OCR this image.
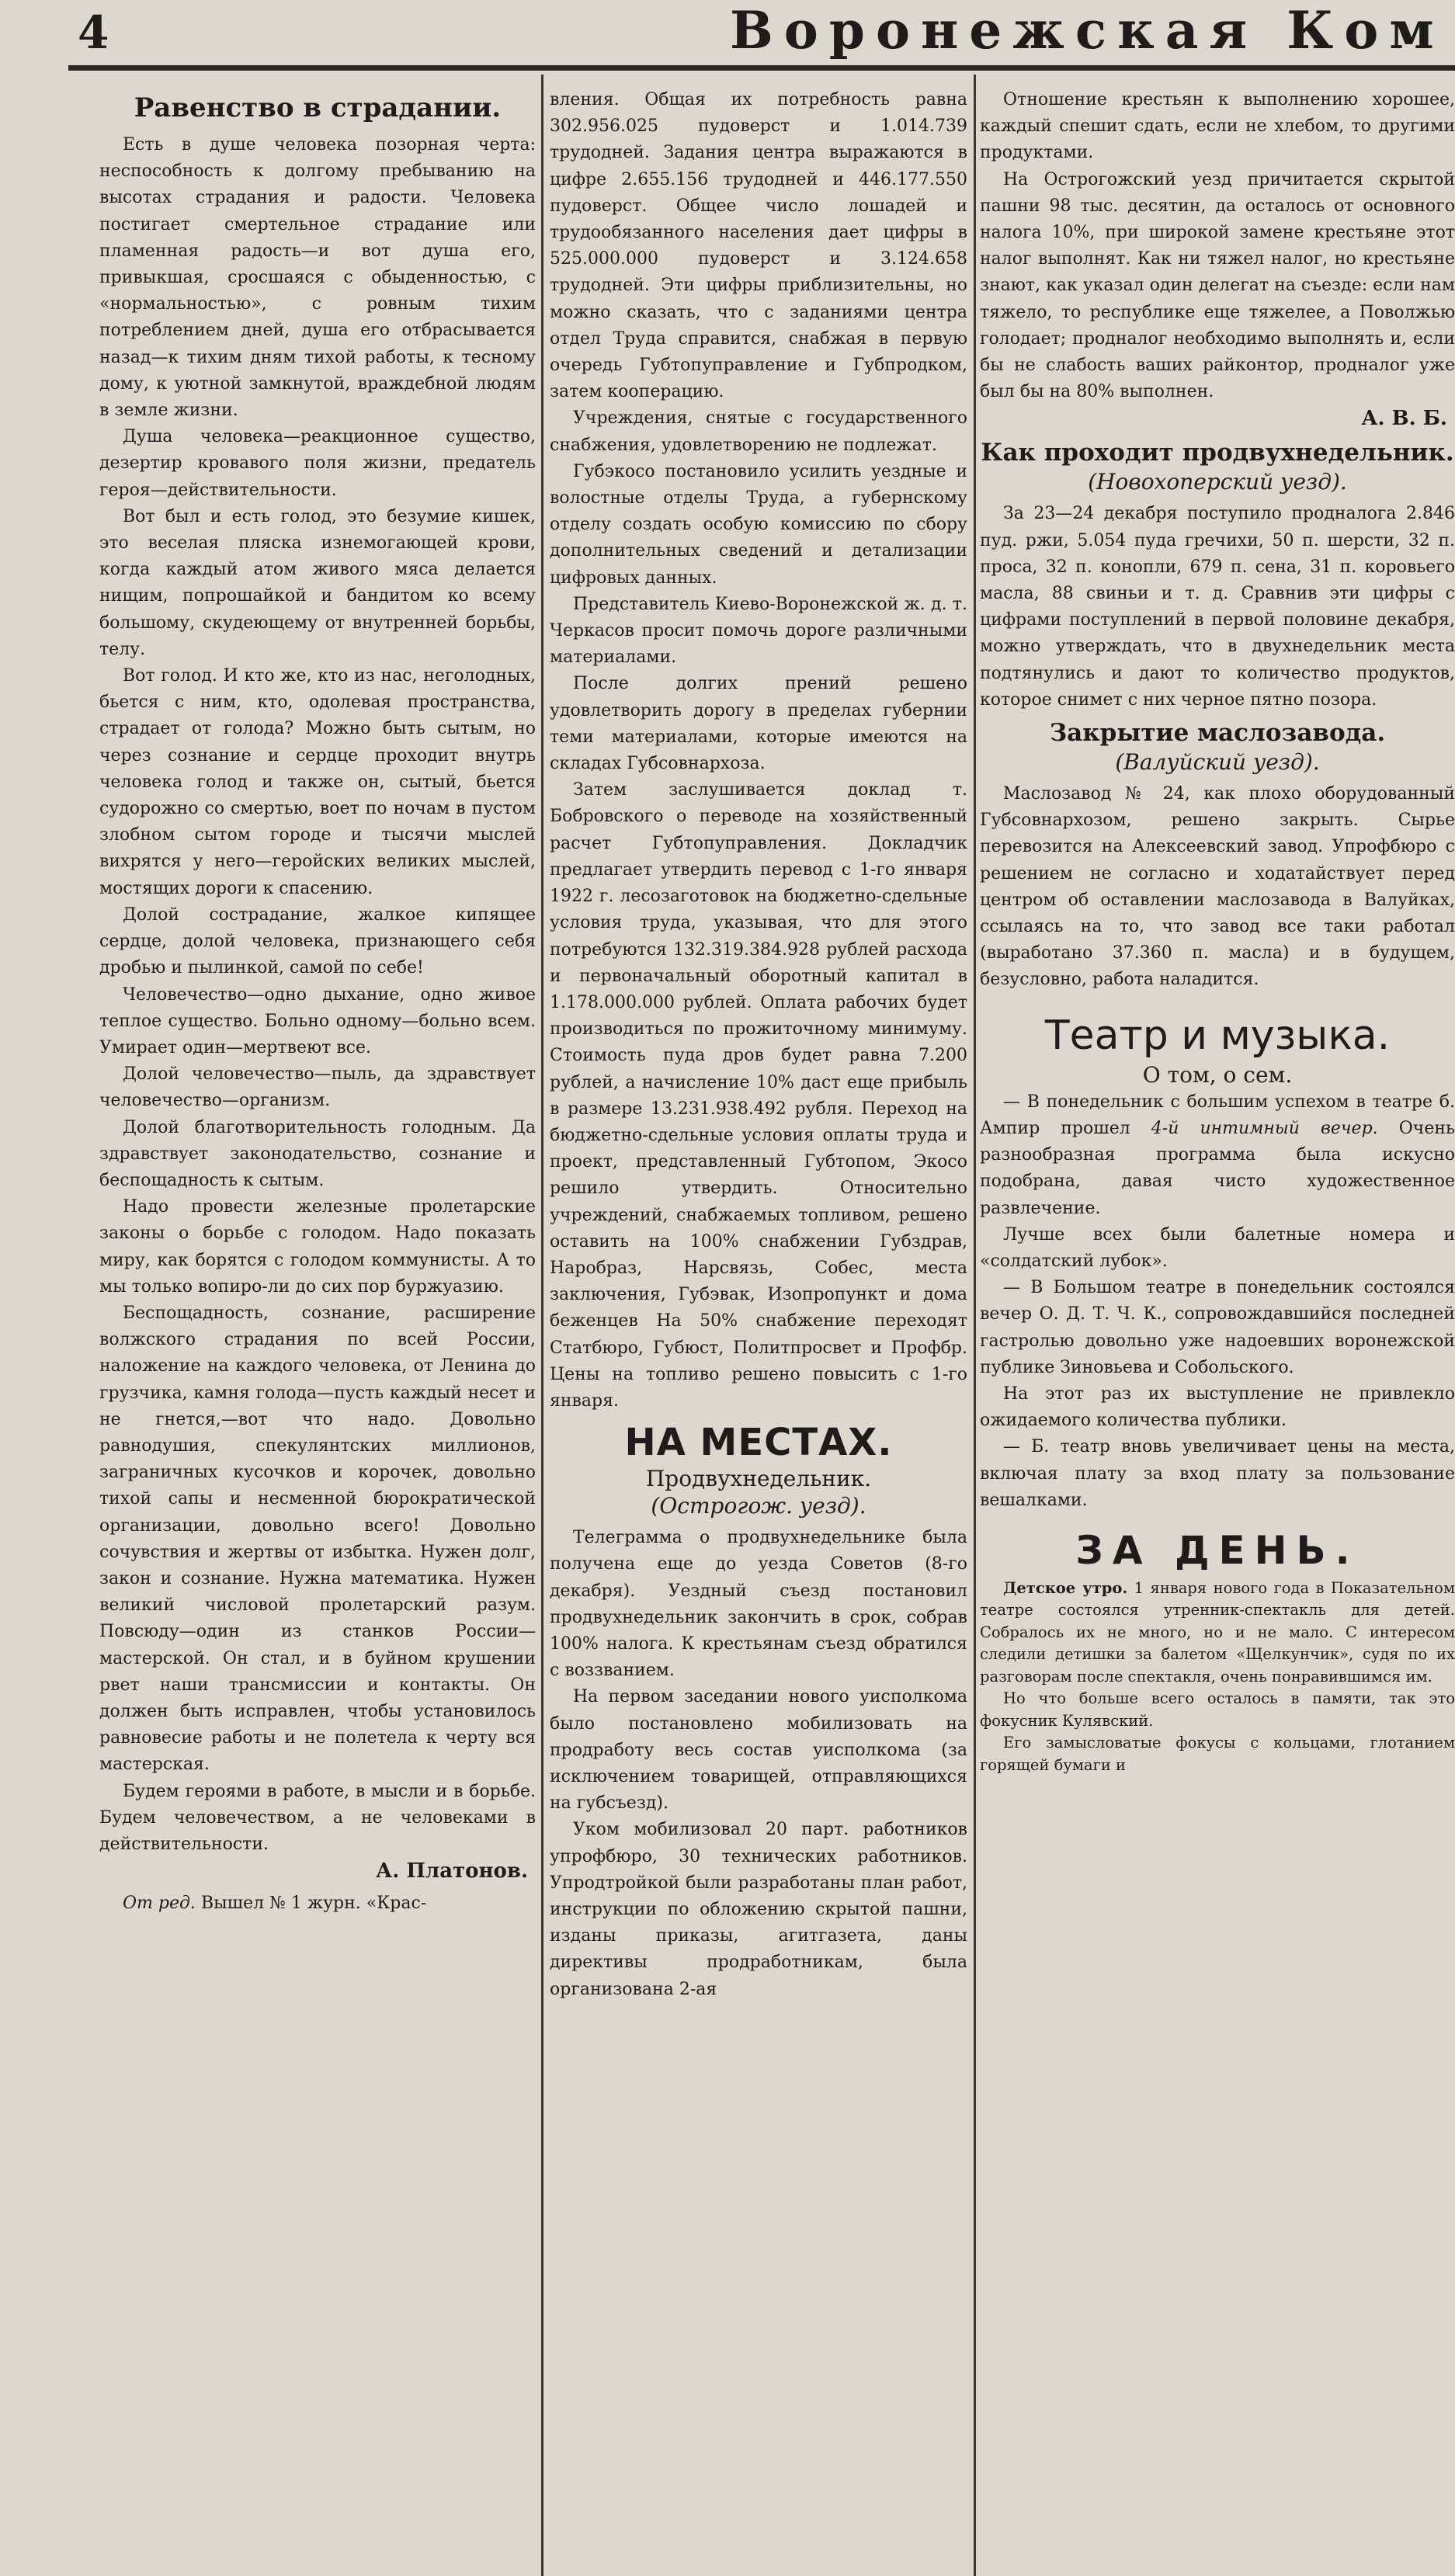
4	Воронежская Ком
Равенство в страдании.

Есть в душе человека позорная черта: неспособность к долгому пребыванию на высотах страдания и радости. Человека постигает смертельное страдание или пламенная радость—и вот душа его, привыкшая, сросшаяся с обыденностью, с «нормальностью», с ровным тихим потреблением дней, душа его отбрасывается назад—к тихим дням тихой работы, к тесному дому, к уютной замкнутой, враждебной людям в земле жизни.

Душа человека—реакционное существо, дезертир кровавого поля жизни, предатель героя—действительности.

Вот был и есть голод, это безумие кишек, это веселая пляска изнемогающей крови, когда каждый атом живого мяса делается нищим, попрошайкой и бандитом ко всему большому, скудеющему от внутренней борьбы, телу.

Вот голод. И кто же, кто из нас, неголодных, бьется с ним, кто, одолевая пространства, страдает от голода? Можно быть сытым, но через сознание и сердце проходит внутрь человека голод и также он, сытый, бьется судорожно со смертью, воет по ночам в пустом злобном сытом городе и тысячи мыслей вихрятся у него—геройских великих мыслей, мостящих дороги к спасению.

Долой сострадание, жалкое кипящее сердце, долой человека, признающего себя дробью и пылинкой, самой по себе!

Человечество—одно дыхание, одно живое теплое существо. Больно одному—больно всем. Умирает один—мертвеют все.

Долой человечество—пыль, да здравствует человечество—организм.

Долой благотворительность голодным. Да здравствует законодательство, сознание и беспощадность к сытым.

Надо провести железные пролетарские законы о борьбе с голодом. Надо показать миру, как борятся с голодом коммунисты. А то мы только вопиро-ли до сих пор буржуазию.

Беспощадность, сознание, расширение волжского страдания по всей России, наложение на каждого человека, от Ленина до грузчика, камня голода—пусть каждый несет и не гнется,—вот что надо. Довольно равнодушия, спекулянтских миллионов, заграничных кусочков и корочек, довольно тихой сапы и несменной бюрократической организации, довольно всего! Довольно сочувствия и жертвы от избытка. Нужен долг, закон и сознание. Нужна математика. Нужен великий числовой пролетарский разум. Повсюду—один из станков России—мастерской. Он стал, и в буйном крушении рвет наши трансмиссии и контакты. Он должен быть исправлен, чтобы установилось равновесие работы и не полетела к черту вся мастерская.

Будем героями в работе, в мысли и в борьбе. Будем человечеством, а не человеками в действительности.

А. Платонов.

От ред. Вышел № 1 журн. «Крас-

вления. Общая их потребность равна 302.956.025 пудоверст и 1.014.739 трудодней. Задания центра выражаются в цифре 2.655.156 трудодней и 446.177.550 пудоверст. Общее число лошадей и трудообязанного населения дает цифры в 525.000.000 пудоверст и 3.124.658 трудодней. Эти цифры приблизительны, но можно сказать, что с заданиями центра отдел Труда справится, снабжая в первую очередь Губтопуправление и Губпродком, затем кооперацию.

Учреждения, снятые с государственного снабжения, удовлетворению не подлежат.

Губэкосо постановило усилить уездные и волостные отделы Труда, а губернскому отделу создать особую комиссию по сбору дополнительных сведений и детализации цифровых данных.

Представитель Киево-Воронежской ж. д. т. Черкасов просит помочь дороге различными материалами.

После долгих прений решено удовлетворить дорогу в пределах губернии теми материалами, которые имеются на складах Губсовнархоза.

Затем заслушивается доклад т. Бобровского о переводе на хозяйственный расчет Губтопуправления. Докладчик предлагает утвердить перевод с 1-го января 1922 г. лесозаготовок на бюджетно-сдельные условия труда, указывая, что для этого потребуются 132.319.384.928 рублей расхода и первоначальный оборотный капитал в 1.178.000.000 рублей. Оплата рабочих будет производиться по прожиточному минимуму. Стоимость пуда дров будет равна 7.200 рублей, а начисление 10% даст еще прибыль в размере 13.231.938.492 рубля. Переход на бюджетно-сдельные условия оплаты труда и проект, представленный Губтопом, Экосо решило утвердить. Относительно учреждений, снабжаемых топливом, решено оставить на 100% снабжении Губздрав, Наробраз, Нарсвязь, Собес, места заключения, Губэвак, Изопропункт и дома беженцев На 50% снабжение переходят Статбюро, Губюст, Политпросвет и Профбр. Цены на топливо решено повысить с 1-го января.

НА МЕСТАХ.
Продвухнедельник.
(Острогож. уезд).

Телеграмма о продвухнедельнике была получена еще до уезда Советов (8-го декабря). Уездный съезд постановил продвухнедельник закончить в срок, собрав 100% налога. К крестьянам съезд обратился с воззванием.

На первом заседании нового уисполкома было постановлено мобилизовать на продработу весь состав уисполкома (за исключением товарищей, отправляющихся на губсъезд).

Уком мобилизовал 20 парт. работников упрофбюро, 30 технических работников. Упродтройкой были разработаны план работ, инструкции по обложению скрытой пашни, изданы приказы, агитгазета, даны директивы продработникам, была организована 2-ая

Отношение крестьян к выполнению хорошее, каждый спешит сдать, если не хлебом, то другими продуктами.

На Острогожский уезд причитается скрытой пашни 98 тыс. десятин, да осталось от основного налога 10%, при широкой замене крестьяне этот налог выполнят. Как ни тяжел налог, но крестьяне знают, как указал один делегат на съезде: если нам тяжело, то республике еще тяжелее, а Поволжью голодает; продналог необходимо выполнять и, если бы не слабость ваших райконтор, продналог уже был бы на 80% выполнен.

А. В. Б.
Как проходит продвухнедельник.
(Новохоперский уезд).

За 23—24 декабря поступило продналога 2.846 пуд. ржи, 5.054 пуда гречихи, 50 п. шерсти, 32 п. проса, 32 п. конопли, 679 п. сена, 31 п. коровьего масла, 88 свиньи и т. д. Сравнив эти цифры с цифрами поступлений в первой половине декабря, можно утверждать, что в двухнедельник места подтянулись и дают то количество продуктов, которое снимет с них черное пятно позора.

Закрытие маслозавода.
(Валуйский уезд).

Маслозавод № 24, как плохо оборудованный Губсовнархозом, решено закрыть. Сырье перевозится на Алексеевский завод. Упрофбюро с решением не согласно и ходатайствует перед центром об оставлении маслозавода в Валуйках, ссылаясь на то, что завод все таки работал (выработано 37.360 п. масла) и в будущем, безусловно, работа наладится.

Театр и музыка.
О том, о сем.

— В понедельник с большим успехом в театре б. Ампир прошел 4-й интимный вечер. Очень разнообразная программа была искусно подобрана, давая чисто художественное развлечение.

Лучше всех были балетные номера и «солдатский лубок».

— В Большом театре в понедельник состоялся вечер О. Д. Т. Ч. К., сопровождавшийся последней гастролью довольно уже надоевших воронежской публике Зиновьева и Собольского.

На этот раз их выступление не привлекло ожидаемого количества публики.

— Б. театр вновь увеличивает цены на места, включая плату за вход плату за пользование вешалками.

ЗА ДЕНЬ.

Детское утро. 1 января нового года в Показательном театре состоялся утренник-спектакль для детей. Собралось их не много, но и не мало. С интересом следили детишки за балетом «Щелкунчик», судя по их разговорам после спектакля, очень понравившимся им.

Но что больше всего осталось в памяти, так это фокусник Кулявский.

Его замысловатые фокусы с кольцами, глотанием горящей бумаги и
